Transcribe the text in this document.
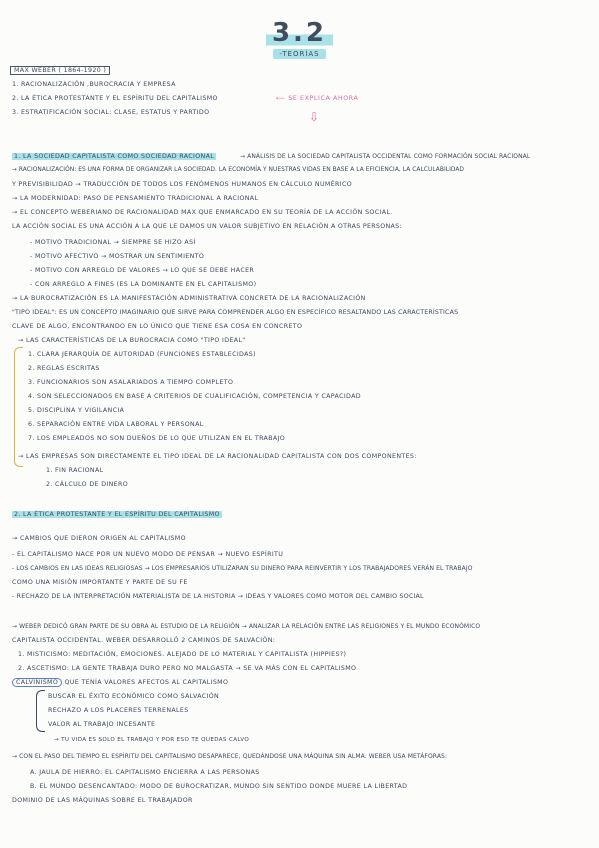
3.2
-TEORÍAS
MAX WEBER ( 1864-1920 )
1. RACIONALIZACIÓN ,BUROCRACIA Y EMPRESA
2. LA ÉTICA PROTESTANTE Y EL ESPÍRITU DEL CAPITALISMO	⟵ SE EXPLICA AHORA
3. ESTRATIFICACIÓN SOCIAL: CLASE, ESTATUS Y PARTIDO	⇩
1. LA SOCIEDAD CAPITALISTA COMO SOCIEDAD RACIONAL	→ ANÁLISIS DE LA SOCIEDAD CAPITALISTA OCCIDENTAL COMO FORMACIÓN SOCIAL RACIONAL
→ RACIONALIZACIÓN: ES UNA FORMA DE ORGANIZAR LA SOCIEDAD. LA ECONOMÍA Y NUESTRAS VIDAS EN BASE A LA EFICIENCIA, LA CALCULABILIDAD
Y PREVISIBILIDAD → TRADUCCIÓN DE TODOS LOS FENÓMENOS HUMANOS EN CÁLCULO NUMÉRICO
→ LA MODERNIDAD: PASO DE PENSAMIENTO TRADICIONAL A RACIONAL
→ EL CONCEPTO WEBERIANO DE RACIONALIDAD MAX QUE ENMARCADO EN SU TEORÍA DE LA ACCIÓN SOCIAL.
LA ACCIÓN SOCIAL ES UNA ACCIÓN A LA QUE LE DAMOS UN VALOR SUBJETIVO EN RELACIÓN A OTRAS PERSONAS:
- MOTIVO TRADICIONAL → SIEMPRE SE HIZO ASÍ
- MOTIVO AFECTIVO → MOSTRAR UN SENTIMIENTO
- MOTIVO CON ARREGLO DE VALORES → LO QUE SE DEBE HACER
- CON ARREGLO A FINES (ES LA DOMINANTE EN EL CAPITALISMO)
→ LA BUROCRATIZACIÓN ES LA MANIFESTACIÓN ADMINISTRATIVA CONCRETA DE LA RACIONALIZACIÓN
"TIPO IDEAL": ES UN CONCEPTO IMAGINARIO QUE SIRVE PARA COMPRENDER ALGO EN ESPECÍFICO RESALTANDO LAS CARACTERÍSTICAS
CLAVE DE ALGO, ENCONTRANDO EN LO ÚNICO QUE TIENE ESA COSA EN CONCRETO
→ LAS CARACTERÍSTICAS DE LA BUROCRACIA COMO "TIPO IDEAL"
1. CLARA JERARQUÍA DE AUTORIDAD (FUNCIONES ESTABLECIDAS)
2. REGLAS ESCRITAS
3. FUNCIONARIOS SON ASALARIADOS A TIEMPO COMPLETO
4. SON SELECCIONADOS EN BASE A CRITERIOS DE CUALIFICACIÓN, COMPETENCIA Y CAPACIDAD
5. DISCIPLINA Y VIGILANCIA
6. SEPARACIÓN ENTRE VIDA LABORAL Y PERSONAL
7. LOS EMPLEADOS NO SON DUEÑOS DE LO QUE UTILIZAN EN EL TRABAJO
→ LAS EMPRESAS SON DIRECTAMENTE EL TIPO IDEAL DE LA RACIONALIDAD CAPITALISTA CON DOS COMPONENTES:
1. FIN RACIONAL
2. CÁLCULO DE DINERO
2. LA ÉTICA PROTESTANTE Y EL ESPÍRITU DEL CAPITALISMO
→ CAMBIOS QUE DIERON ORIGEN AL CAPITALISMO
- EL CAPITALISMO NACE POR UN NUEVO MODO DE PENSAR → NUEVO ESPÍRITU
- LOS CAMBIOS EN LAS IDEAS RELIGIOSAS → LOS EMPRESARIOS UTILIZARAN SU DINERO PARA REINVERTIR Y LOS TRABAJADORES VERÁN EL TRABAJO
COMO UNA MISIÓN IMPORTANTE Y PARTE DE SU FE
- RECHAZO DE LA INTERPRETACIÓN MATERIALISTA DE LA HISTORIA → IDEAS Y VALORES COMO MOTOR DEL CAMBIO SOCIAL
→ WEBER DEDICÓ GRAN PARTE DE SU OBRA AL ESTUDIO DE LA RELIGIÓN → ANALIZAR LA RELACIÓN ENTRE LAS RELIGIONES Y EL MUNDO ECONÓMICO
CAPITALISTA OCCIDENTAL. WEBER DESARROLLÓ 2 CAMINOS DE SALVACIÓN:
1. MISTICISMO: MEDITACIÓN, EMOCIONES. ALEJADO DE LO MATERIAL Y CAPITALISTA (HIPPIES?)
2. ASCETISMO: LA GENTE TRABAJA DURO PERO NO MALGASTA → SE VA MÁS CON EL CAPITALISMO
CALVINISMO QUE TENÍA VALORES AFECTOS AL CAPITALISMO
BUSCAR EL ÉXITO ECONÓMICO COMO SALVACIÓN
RECHAZO A LOS PLACERES TERRENALES
VALOR AL TRABAJO INCESANTE
→ TU VIDA ES SOLO EL TRABAJO Y POR ESO TE QUEDAS CALVO
→ CON EL PASO DEL TIEMPO EL ESPÍRITU DEL CAPITALISMO DESAPARECE, QUEDÁNDOSE UNA MÁQUINA SIN ALMA. WEBER USA METÁFORAS:
A. JAULA DE HIERRO: EL CAPITALISMO ENCIERRA A LAS PERSONAS
B. EL MUNDO DESENCANTADO: MODO DE BUROCRATIZAR, MUNDO SIN SENTIDO DONDE MUERE LA LIBERTAD
DOMINIO DE LAS MÁQUINAS SOBRE EL TRABAJADOR
